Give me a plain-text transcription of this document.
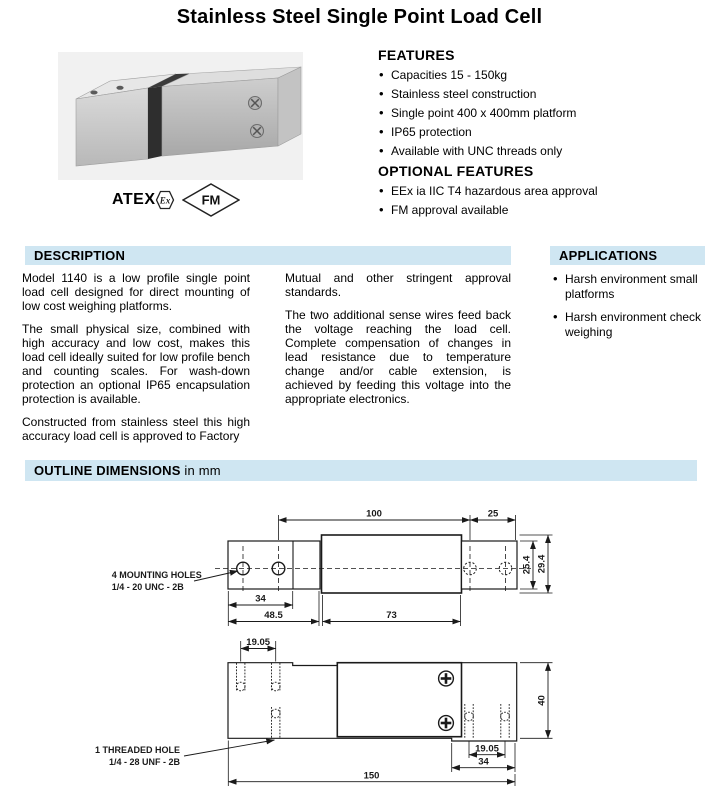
Stainless Steel Single Point Load Cell
ATEX Ex FM
FEATURES
• Capacities 15 - 150kg
• Stainless steel construction
• Single point 400 x 400mm platform
• IP65 protection
• Available with UNC threads only
OPTIONAL FEATURES
• EEx ia IIC T4 hazardous area approval
• FM approval available
DESCRIPTION

Model 1140 is a low profile single point load cell designed for direct mounting of low cost weighing platforms.

The small physical size, combined with high accuracy and low cost, makes this load cell ideally suited for low profile bench and counting scales. For wash-down protection an optional IP65 encapsulation protection is available.

Constructed from stainless steel this high accuracy load cell is approved to Factory

Mutual and other stringent approval standards.

The two additional sense wires feed back the voltage reaching the load cell. Complete compensation of changes in lead resistance due to temperature change and/or cable extension, is achieved by feeding this voltage into the appropriate electronics.

APPLICATIONS
• Harsh environment small platforms
• Harsh environment check weighing
OUTLINE DIMENSIONS in mm
100	25
25.4 29.4
34
48.5	73
4 MOUNTING HOLES
1/4 - 20 UNC - 2B
19.05
40
19.05
34
150
1 THREADED HOLE
1/4 - 28 UNF - 2B
